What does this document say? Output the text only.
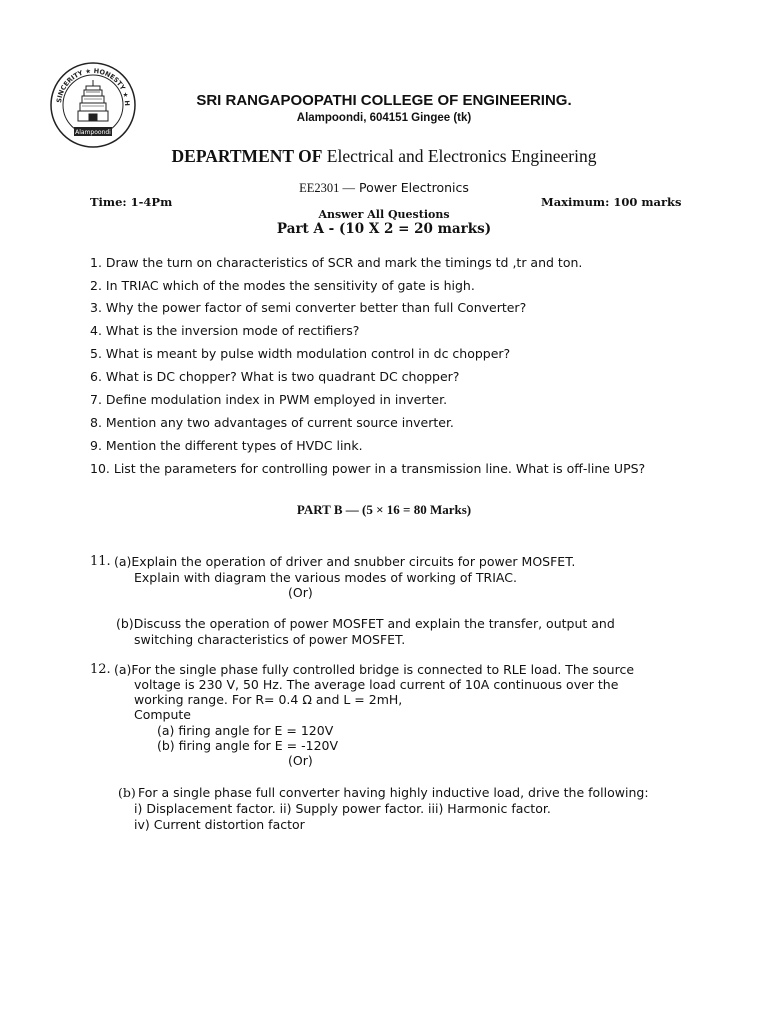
SINCERITY ★ HONESTY ★ H
Alampoondi
SRI RANGAPOOPATHI COLLEGE OF ENGINEERING.
Alampoondi, 604151 Gingee (tk)
DEPARTMENT OF Electrical and Electronics Engineering
EE2301 — Power Electronics
Time: 1-4Pm	Maximum: 100 marks
Answer All Questions
Part A - (10 X 2 = 20 marks)
1. Draw the turn on characteristics of SCR and mark the timings td ,tr and ton.
2. In TRIAC which of the modes the sensitivity of gate is high.
3. Why the power factor of semi converter better than full Converter?
4. What is the inversion mode of rectifiers?
5. What is meant by pulse width modulation control in dc chopper?
6. What is DC chopper? What is two quadrant DC chopper?
7. Define modulation index in PWM employed in inverter.
8. Mention any two advantages of current source inverter.
9. Mention the different types of HVDC link.
10. List the parameters for controlling power in a transmission line. What is off-line UPS?
PART B — (5 × 16 = 80 Marks)
11. (a)Explain the operation of driver and snubber circuits for power MOSFET.
Explain with diagram the various modes of working of TRIAC.
(Or)
(b)Discuss the operation of power MOSFET and explain the transfer, output and
switching characteristics of power MOSFET.
12. (a)For the single phase fully controlled bridge is connected to RLE load. The source
voltage is 230 V, 50 Hz. The average load current of 10A continuous over the
working range. For R= 0.4 Ω and L = 2mH,
Compute
(a) firing angle for E = 120V
(b) firing angle for E = -120V
(Or)
(b) For a single phase full converter having highly inductive load, drive the following:
i) Displacement factor. ii) Supply power factor. iii) Harmonic factor.
iv) Current distortion factor
